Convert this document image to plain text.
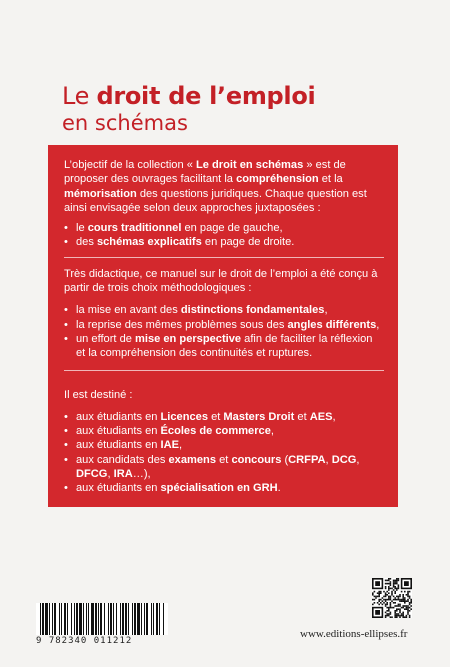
Le droit de l’emploi
en schémas

L’objectif de la collection « Le droit en schémas » est de proposer des ouvrages facilitant la compréhension et la mémorisation des questions juridiques. Chaque question est ainsi envisagée selon deux approches juxtaposées :

• le cours traditionnel en page de gauche,
• des schémas explicatifs en page de droite.

Très didactique, ce manuel sur le droit de l’emploi a été conçu à partir de trois choix méthodologiques :

• la mise en avant des distinctions fondamentales,
• la reprise des mêmes problèmes sous des angles différents,
• un effort de mise en perspective afin de faciliter la réflexion et la compréhension des continuités et ruptures.

Il est destiné :

• aux étudiants en Licences et Masters Droit et AES,
• aux étudiants en Écoles de commerce,
• aux étudiants en IAE,
• aux candidats des examens et concours (CRFPA, DCG, DFCG, IRA…),
• aux étudiants en spécialisation en GRH.
9 782340 011212
www.editions-ellipses.fr
